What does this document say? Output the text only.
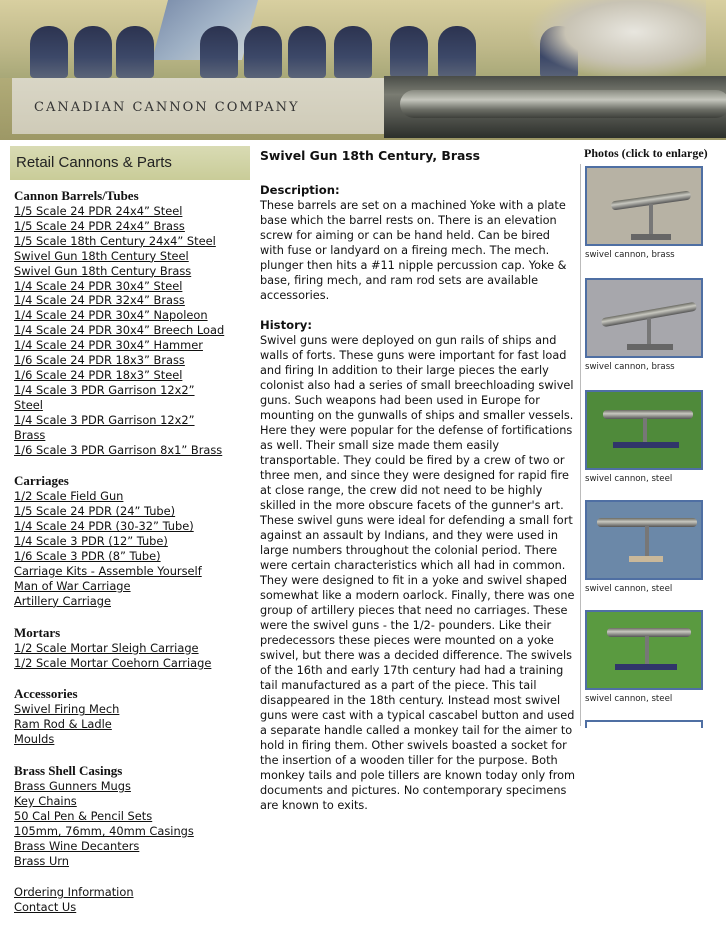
CANADIAN CANNON COMPANY
Retail Cannons & Parts
Cannon Barrels/Tubes
1/5 Scale 24 PDR 24x4” Steel
1/5 Scale 24 PDR 24x4” Brass
1/5 Scale 18th Century 24x4” Steel
Swivel Gun 18th Century Steel
Swivel Gun 18th Century Brass
1/4 Scale 24 PDR 30x4” Steel
1/4 Scale 24 PDR 32x4” Brass
1/4 Scale 24 PDR 30x4” Napoleon
1/4 Scale 24 PDR 30x4” Breech Load
1/4 Scale 24 PDR 30x4” Hammer
1/6 Scale 24 PDR 18x3” Brass
1/6 Scale 24 PDR 18x3” Steel
1/4 Scale 3 PDR Garrison 12x2” Steel
1/4 Scale 3 PDR Garrison 12x2” Brass
1/6 Scale 3 PDR Garrison 8x1” Brass
Carriages
1/2 Scale Field Gun
1/5 Scale 24 PDR (24” Tube)
1/4 Scale 24 PDR (30-32” Tube)
1/4 Scale 3 PDR (12” Tube)
1/6 Scale 3 PDR (8” Tube)
Carriage Kits - Assemble Yourself
Man of War Carriage
Artillery Carriage
Mortars
1/2 Scale Mortar Sleigh Carriage
1/2 Scale Mortar Coehorn Carriage
Accessories
Swivel Firing Mech
Ram Rod & Ladle
Moulds
Brass Shell Casings
Brass Gunners Mugs
Key Chains
50 Cal Pen & Pencil Sets
105mm, 76mm, 40mm Casings
Brass Wine Decanters
Brass Urn
Ordering Information
Contact Us
Swivel Gun 18th Century, Brass
Description:

These barrels are set on a machined Yoke with a plate base which the barrel rests on. There is an elevation screw for aiming or can be hand held. Can be bired with fuse or landyard on a fireing mech. The mech. plunger then hits a #11 nipple percussion cap. Yoke & base, firing mech, and ram rod sets are available accessories.

History:

Swivel guns were deployed on gun rails of ships and walls of forts. These guns were important for fast load and firing In addition to their large pieces the early colonist also had a series of small breechloading swivel guns. Such weapons had been used in Europe for mounting on the gunwalls of ships and smaller vessels. Here they were popular for the defense of fortifications as well. Their small size made them easily transportable. They could be fired by a crew of two or three men, and since they were designed for rapid fire at close range, the crew did not need to be highly skilled in the more obscure facets of the gunner's art. These swivel guns were ideal for defending a small fort against an assault by Indians, and they were used in large numbers throughout the colonial period. There were certain characteristics which all had in common. They were designed to fit in a yoke and swivel shaped somewhat like a modern oarlock. Finally, there was one group of artillery pieces that need no carriages. These were the swivel guns - the 1/2- pounders. Like their predecessors these pieces were mounted on a yoke swivel, but there was a decided difference. The swivels of the 16th and early 17th century had had a training tail manufactured as a part of the piece. This tail disappeared in the 18th century. Instead most swivel guns were cast with a typical cascabel button and used a separate handle called a monkey tail for the aimer to hold in firing them. Other swivels boasted a socket for the insertion of a wooden tiller for the purpose. Both monkey tails and pole tillers are known today only from documents and pictures. No contemporary specimens are known to exits.

Photos (click to enlarge)
swivel cannon, brass
swivel cannon, brass
swivel cannon, steel
swivel cannon, steel
swivel cannon, steel
